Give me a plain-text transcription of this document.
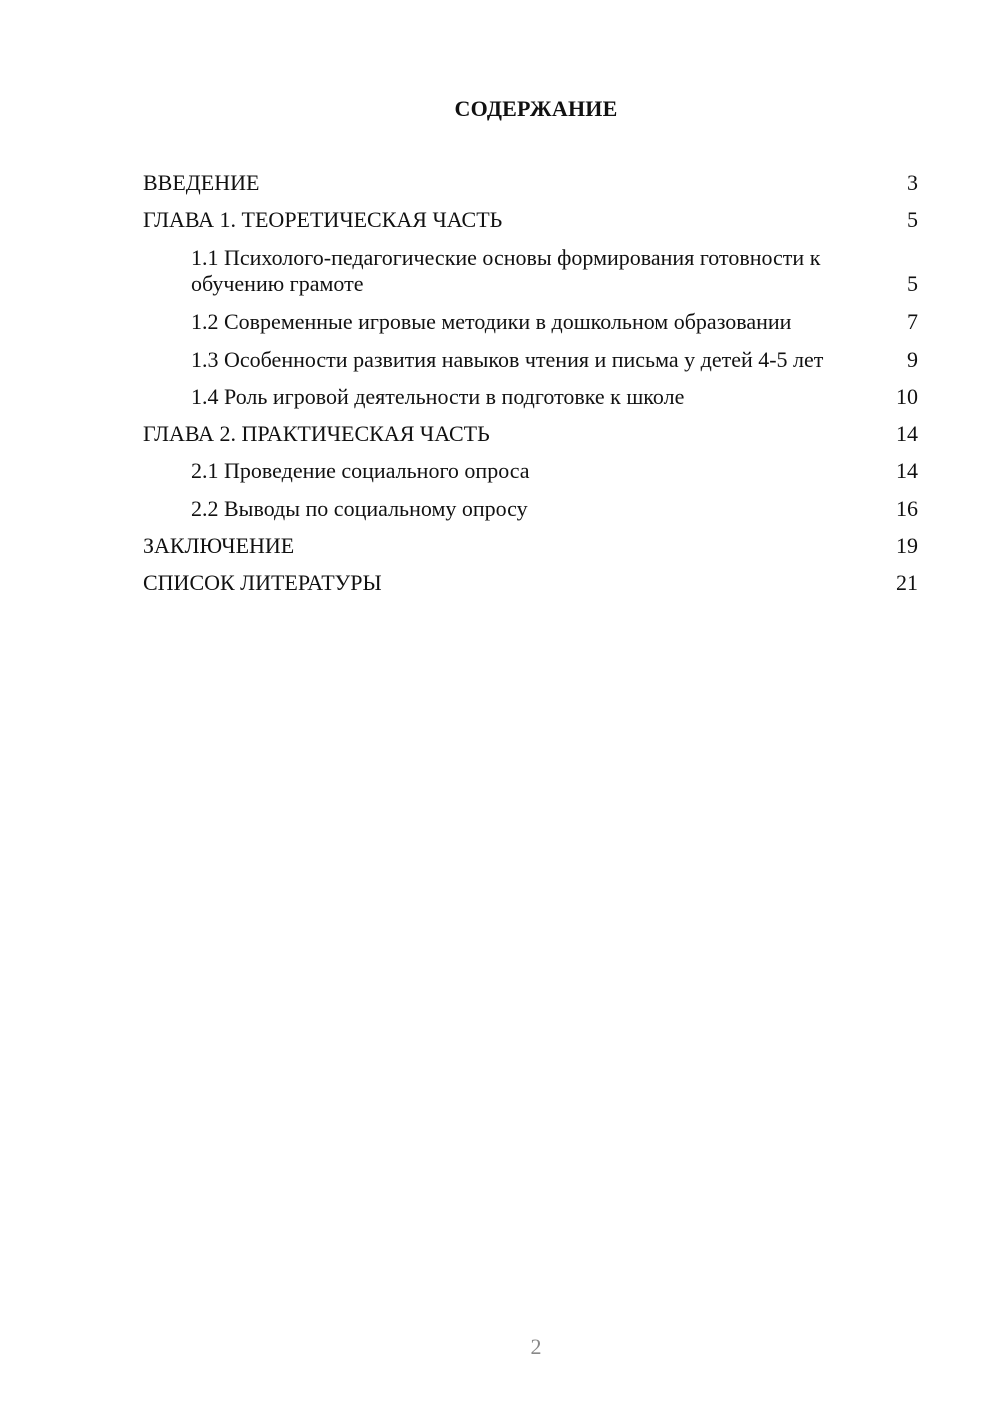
СОДЕРЖАНИЕ
ВВЕДЕНИЕ	3
ГЛАВА 1. ТЕОРЕТИЧЕСКАЯ ЧАСТЬ	5
1.1 Психолого-педагогические основы формирования готовности к обучению грамоте	5
1.2 Современные игровые методики в дошкольном образовании	7
1.3 Особенности развития навыков чтения и письма у детей 4-5 лет	9
1.4 Роль игровой деятельности в подготовке к школе	10
ГЛАВА 2. ПРАКТИЧЕСКАЯ ЧАСТЬ	14
2.1 Проведение социального опроса	14
2.2 Выводы по социальному опросу	16
ЗАКЛЮЧЕНИЕ	19
СПИСОК ЛИТЕРАТУРЫ	21

2
